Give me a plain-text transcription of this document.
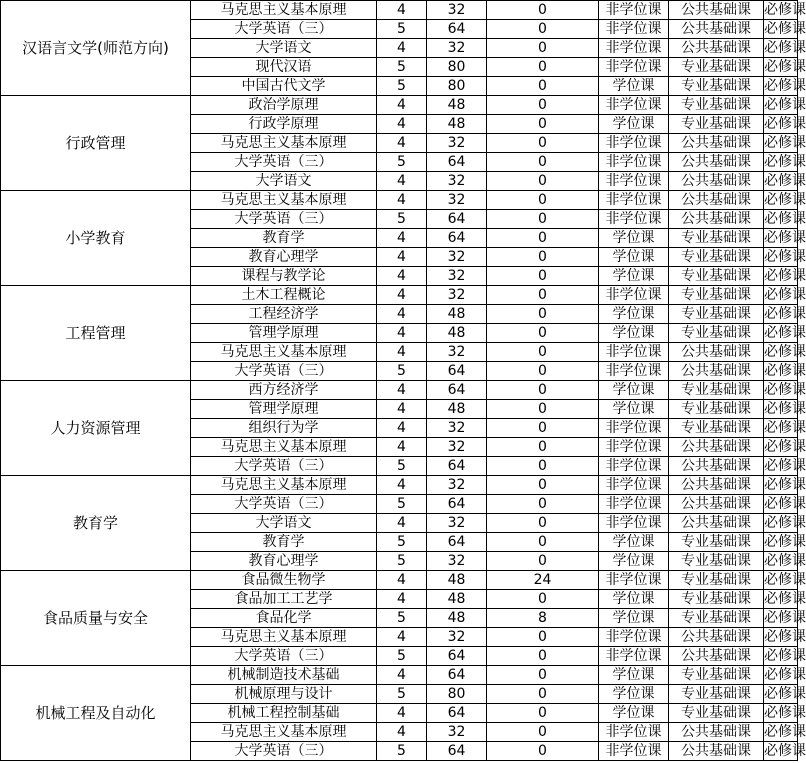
汉语言文学(师范方向)	马克思主义基本原理	4	32	0	非学位课	公共基础课	必修课	
	大学英语（三）	5	64	0	非学位课	公共基础课	必修课	
	大学语文	4	32	0	非学位课	公共基础课	必修课	
	现代汉语	5	80	0	非学位课	专业基础课	必修课	
	中国古代文学	5	80	0	学位课	专业基础课	必修课	
行政管理	政治学原理	4	48	0	非学位课	专业基础课	必修课	
	行政学原理	4	48	0	学位课	专业基础课	必修课	
	马克思主义基本原理	4	32	0	非学位课	公共基础课	必修课	
	大学英语（三）	5	64	0	非学位课	公共基础课	必修课	
	大学语文	4	32	0	非学位课	公共基础课	必修课	
小学教育	马克思主义基本原理	4	32	0	非学位课	公共基础课	必修课	
	大学英语（三）	5	64	0	非学位课	公共基础课	必修课	
	教育学	4	64	0	学位课	专业基础课	必修课	
	教育心理学	4	32	0	学位课	专业基础课	必修课	
	课程与教学论	4	32	0	学位课	专业基础课	必修课	
工程管理	土木工程概论	4	32	0	非学位课	专业基础课	必修课	
	工程经济学	4	48	0	学位课	专业基础课	必修课	
	管理学原理	4	48	0	学位课	专业基础课	必修课	
	马克思主义基本原理	4	32	0	非学位课	公共基础课	必修课	
	大学英语（三）	5	64	0	非学位课	公共基础课	必修课	
人力资源管理	西方经济学	4	64	0	学位课	专业基础课	必修课	
	管理学原理	4	48	0	学位课	专业基础课	必修课	
	组织行为学	4	32	0	非学位课	专业基础课	必修课	
	马克思主义基本原理	4	32	0	非学位课	公共基础课	必修课	
	大学英语（三）	5	64	0	非学位课	公共基础课	必修课	
教育学	马克思主义基本原理	4	32	0	非学位课	公共基础课	必修课	
	大学英语（三）	5	64	0	非学位课	公共基础课	必修课	
	大学语文	4	32	0	非学位课	公共基础课	必修课	
	教育学	5	64	0	学位课	专业基础课	必修课	
	教育心理学	5	32	0	学位课	专业基础课	必修课	
食品质量与安全	食品微生物学	4	48	24	非学位课	专业基础课	必修课	
	食品加工工艺学	4	48	0	学位课	专业基础课	必修课	
	食品化学	5	48	8	学位课	专业基础课	必修课	
	马克思主义基本原理	4	32	0	非学位课	公共基础课	必修课	
	大学英语（三）	5	64	0	非学位课	公共基础课	必修课	
机械工程及自动化	机械制造技术基础	4	64	0	学位课	专业基础课	必修课	
	机械原理与设计	5	80	0	学位课	专业基础课	必修课	
	机械工程控制基础	4	64	0	学位课	专业基础课	必修课	
	马克思主义基本原理	4	32	0	非学位课	公共基础课	必修课	
	大学英语（三）	5	64	0	非学位课	公共基础课	必修课	
